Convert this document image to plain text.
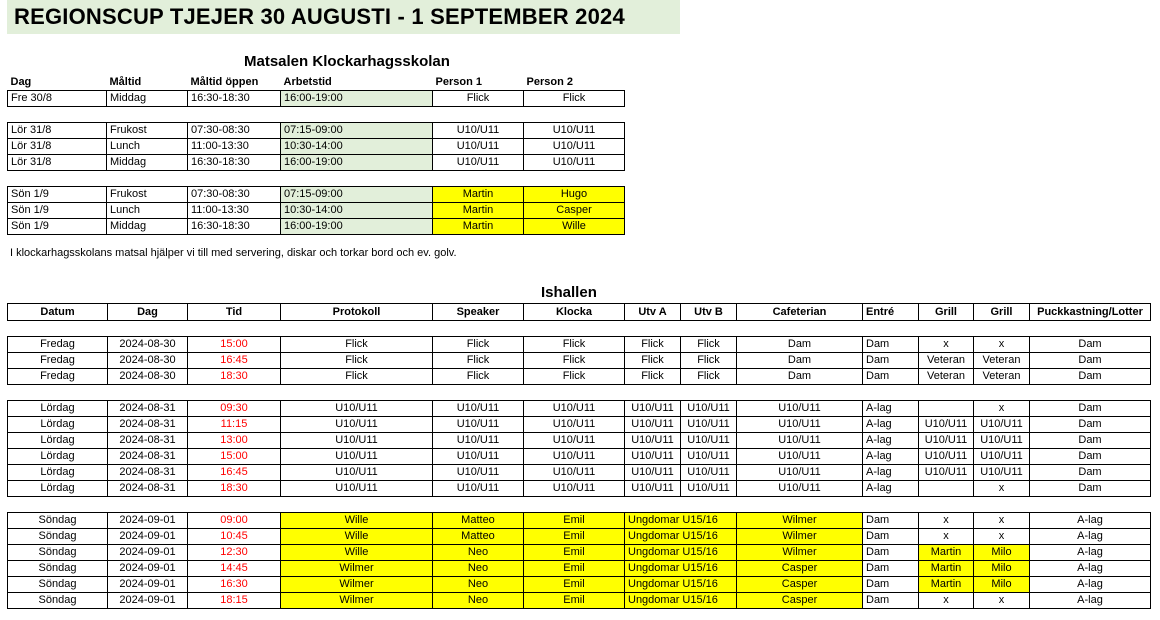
REGIONSCUP TJEJER 30 AUGUSTI - 1 SEPTEMBER 2024
Matsalen Klockarhagsskolan
Dag	Måltid	Måltid öppen	Arbetstid	Person 1	Person 2
Fre 30/8	Middag	16:30-18:30	16:00-19:00	Flick	Flick

Lör 31/8	Frukost	07:30-08:30	07:15-09:00	U10/U11	U10/U11
Lör 31/8	Lunch	11:00-13:30	10:30-14:00	U10/U11	U10/U11
Lör 31/8	Middag	16:30-18:30	16:00-19:00	U10/U11	U10/U11

Sön 1/9	Frukost	07:30-08:30	07:15-09:00	Martin	Hugo
Sön 1/9	Lunch	11:00-13:30	10:30-14:00	Martin	Casper
Sön 1/9	Middag	16:30-18:30	16:00-19:00	Martin	Wille
I klockarhagsskolans matsal hjälper vi till med servering, diskar och torkar bord och ev. golv.
Ishallen
Datum	Dag	Tid	Protokoll	Speaker	Klocka	Utv A	Utv B	Cafeterian	Entré	Grill	Grill	Puckkastning/Lotter

Fredag	2024-08-30	15:00	Flick	Flick	Flick	Flick	Flick	Dam	Dam	x	x	Dam
Fredag	2024-08-30	16:45	Flick	Flick	Flick	Flick	Flick	Dam	Dam	Veteran	Veteran	Dam
Fredag	2024-08-30	18:30	Flick	Flick	Flick	Flick	Flick	Dam	Dam	Veteran	Veteran	Dam

Lördag	2024-08-31	09:30	U10/U11	U10/U11	U10/U11	U10/U11	U10/U11	U10/U11	A-lag		x	Dam
Lördag	2024-08-31	11:15	U10/U11	U10/U11	U10/U11	U10/U11	U10/U11	U10/U11	A-lag	U10/U11	U10/U11	Dam
Lördag	2024-08-31	13:00	U10/U11	U10/U11	U10/U11	U10/U11	U10/U11	U10/U11	A-lag	U10/U11	U10/U11	Dam
Lördag	2024-08-31	15:00	U10/U11	U10/U11	U10/U11	U10/U11	U10/U11	U10/U11	A-lag	U10/U11	U10/U11	Dam
Lördag	2024-08-31	16:45	U10/U11	U10/U11	U10/U11	U10/U11	U10/U11	U10/U11	A-lag	U10/U11	U10/U11	Dam
Lördag	2024-08-31	18:30	U10/U11	U10/U11	U10/U11	U10/U11	U10/U11	U10/U11	A-lag		x	Dam

Söndag	2024-09-01	09:00	Wille	Matteo	Emil	Ungdomar U15/16		Wilmer	Dam	x	x	A-lag
Söndag	2024-09-01	10:45	Wille	Matteo	Emil	Ungdomar U15/16		Wilmer	Dam	x	x	A-lag
Söndag	2024-09-01	12:30	Wille	Neo	Emil	Ungdomar U15/16		Wilmer	Dam	Martin	Milo	A-lag
Söndag	2024-09-01	14:45	Wilmer	Neo	Emil	Ungdomar U15/16		Casper	Dam	Martin	Milo	A-lag
Söndag	2024-09-01	16:30	Wilmer	Neo	Emil	Ungdomar U15/16		Casper	Dam	Martin	Milo	A-lag
Söndag	2024-09-01	18:15	Wilmer	Neo	Emil	Ungdomar U15/16		Casper	Dam	x	x	A-lag
